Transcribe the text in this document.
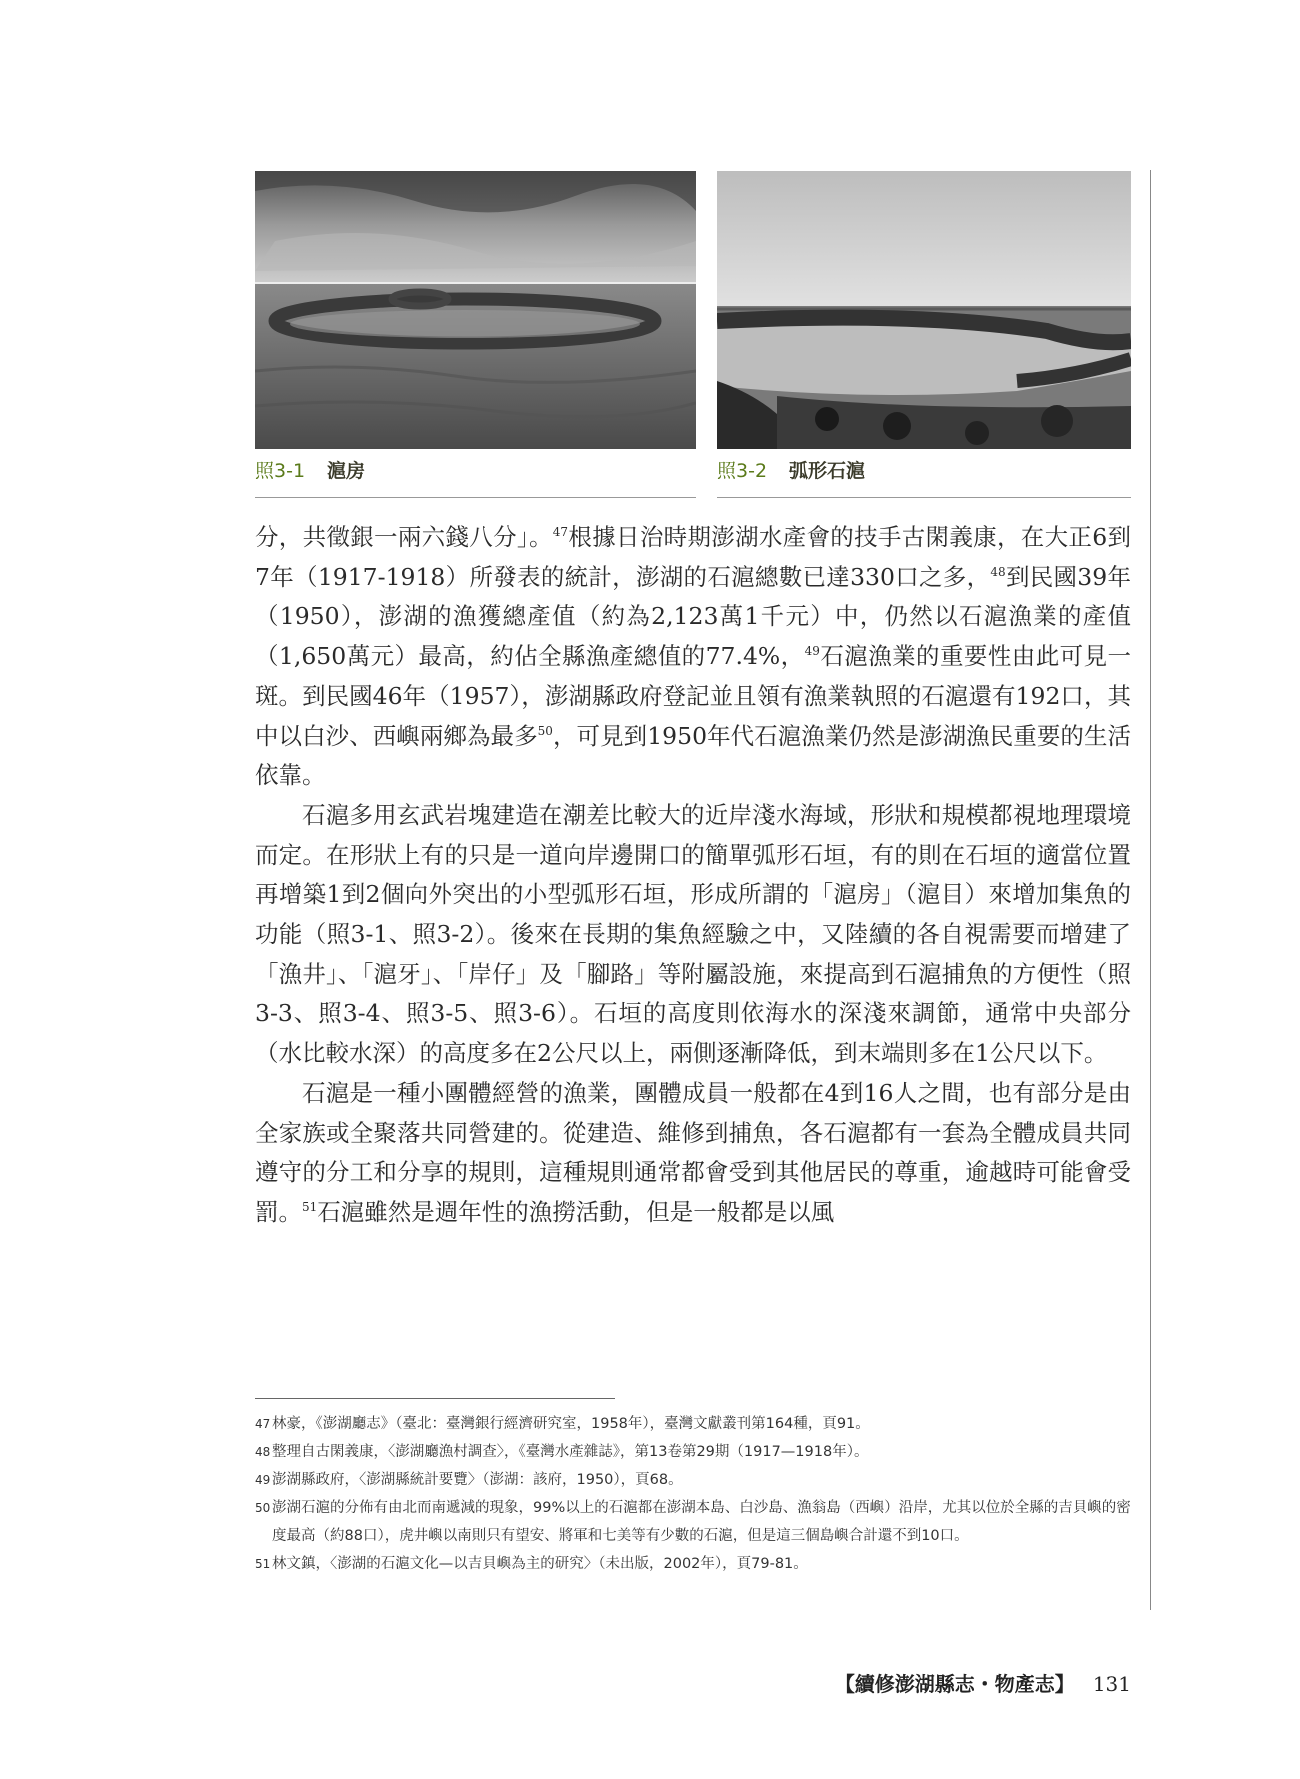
照3-1 滬房	照3-2 弧形石滬

分，共徵銀一兩六錢八分」。$^{47}$根據日治時期澎湖水產會的技手古閑義康，在大正6到7年（1917-1918）所發表的統計，澎湖的石滬總數已達330口之多，$^{48}$到民國39年（1950），澎湖的漁獲總產值（約為2,123萬1千元）中，仍然以石滬漁業的產值（1,650萬元）最高，約佔全縣漁產總值的77.4%，$^{49}$石滬漁業的重要性由此可見一斑。到民國46年（1957），澎湖縣政府登記並且領有漁業執照的石滬還有192口，其中以白沙、西嶼兩鄉為最多$^{50}$，可見到1950年代石滬漁業仍然是澎湖漁民重要的生活依靠。

石滬多用玄武岩塊建造在潮差比較大的近岸淺水海域，形狀和規模都視地理環境而定。在形狀上有的只是一道向岸邊開口的簡單弧形石垣，有的則在石垣的適當位置再增築1到2個向外突出的小型弧形石垣，形成所謂的「滬房」（滬目）來增加集魚的功能（照3-1、照3-2）。後來在長期的集魚經驗之中，又陸續的各自視需要而增建了「漁井」、「滬牙」、「岸仔」及「腳路」等附屬設施，來提高到石滬捕魚的方便性（照3-3、照3-4、照3-5、照3-6）。石垣的高度則依海水的深淺來調節，通常中央部分（水比較水深）的高度多在2公尺以上，兩側逐漸降低，到末端則多在1公尺以下。

石滬是一種小團體經營的漁業，團體成員一般都在4到16人之間，也有部分是由全家族或全聚落共同營建的。從建造、維修到捕魚，各石滬都有一套為全體成員共同遵守的分工和分享的規則，這種規則通常都會受到其他居民的尊重，逾越時可能會受罰。$^{51}$石滬雖然是週年性的漁撈活動，但是一般都是以風

47 林豪，《澎湖廳志》（臺北：臺灣銀行經濟研究室，1958年），臺灣文獻叢刊第164種，頁91。
48 整理自古閑義康，〈澎湖廳漁村調查〉，《臺灣水產雜誌》，第13卷第29期（1917—1918年）。
49 澎湖縣政府，〈澎湖縣統計要覽〉（澎湖：該府，1950），頁68。
50 澎湖石滬的分佈有由北而南遞減的現象，99%以上的石滬都在澎湖本島、白沙島、漁翁島（西嶼）沿岸，尤其以位於全縣的吉貝嶼的密度最高（約88口），虎井嶼以南則只有望安、將軍和七美等有少數的石滬，但是這三個島嶼合計還不到10口。
51 林文鎮，〈澎湖的石滬文化—以吉貝嶼為主的研究〉（未出版，2002年），頁79-81。
【續修澎湖縣志・物產志】 131
